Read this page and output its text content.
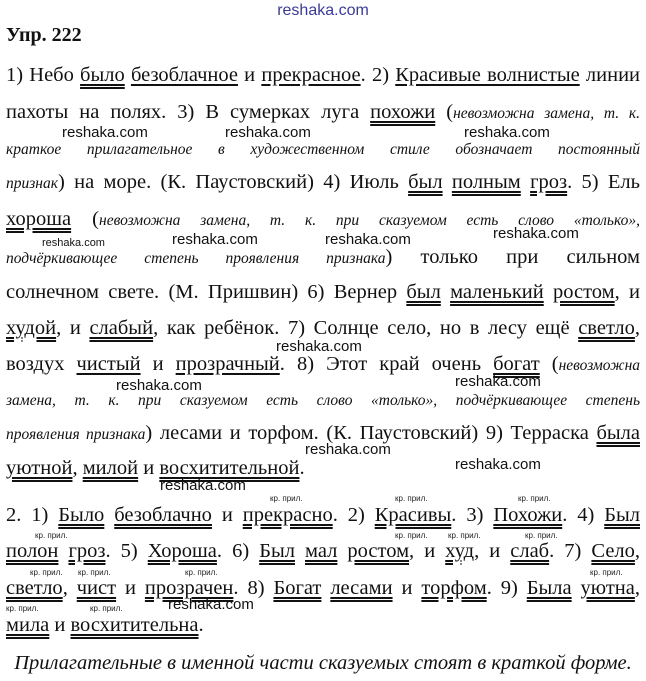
reshaka.com
Упр. 222
1) Небо было безоблачное и прекрасное. 2) Красивые волнистые линии
пахоты на полях. 3) В сумерках луга похожи (невозможна замена, т. к.
краткое прилагательное в художественном стиле обозначает постоянный
признак) на море. (К. Паустовский) 4) Июль был полным гроз. 5) Ель
хороша (невозможна замена, т. к. при сказуемом есть слово «только»,
подчёркивающее степень проявления признака) только при сильном
солнечном свете. (М. Пришвин) 6) Вернер был маленький ростом, и
худой, и слабый, как ребёнок. 7) Солнце село, но в лесу ещё светло,
воздух чистый и прозрачный. 8) Этот край очень богат (невозможна
замена, т. к. при сказуемом есть слово «только», подчёркивающее степень
проявления признака) лесами и торфом. (К. Паустовский) 9) Терраска была
уютной, милой и восхитительной.
2. 1) Было безоблачно и прекрасно. 2) Красивы. 3) Похожи. 4) Был
полон гроз. 5) Хороша. 6) Был мал ростом, и худ, и слаб. 7) Село,
светло, чист и прозрачен. 8) Богат лесами и торфом. 9) Была уютна,
мила и восхитительна.
кр. прил.	кр. прил.	кр. прил.
кр. прил.	кр. прил.	кр. прил.	кр. прил.
кр. прил. кр. прил.	кр. прил.	кр. прил.
кр. прил.	кр. прил.
reshaka.com	reshaka.com	reshaka.com
reshaka.com	reshaka.com	reshaka.com	reshaka.com
reshaka.com
reshaka.com	reshaka.com
reshaka.com
reshaka.com
reshaka.com
reshaka.com
Прилагательные в именной части сказуемых стоят в краткой форме.
